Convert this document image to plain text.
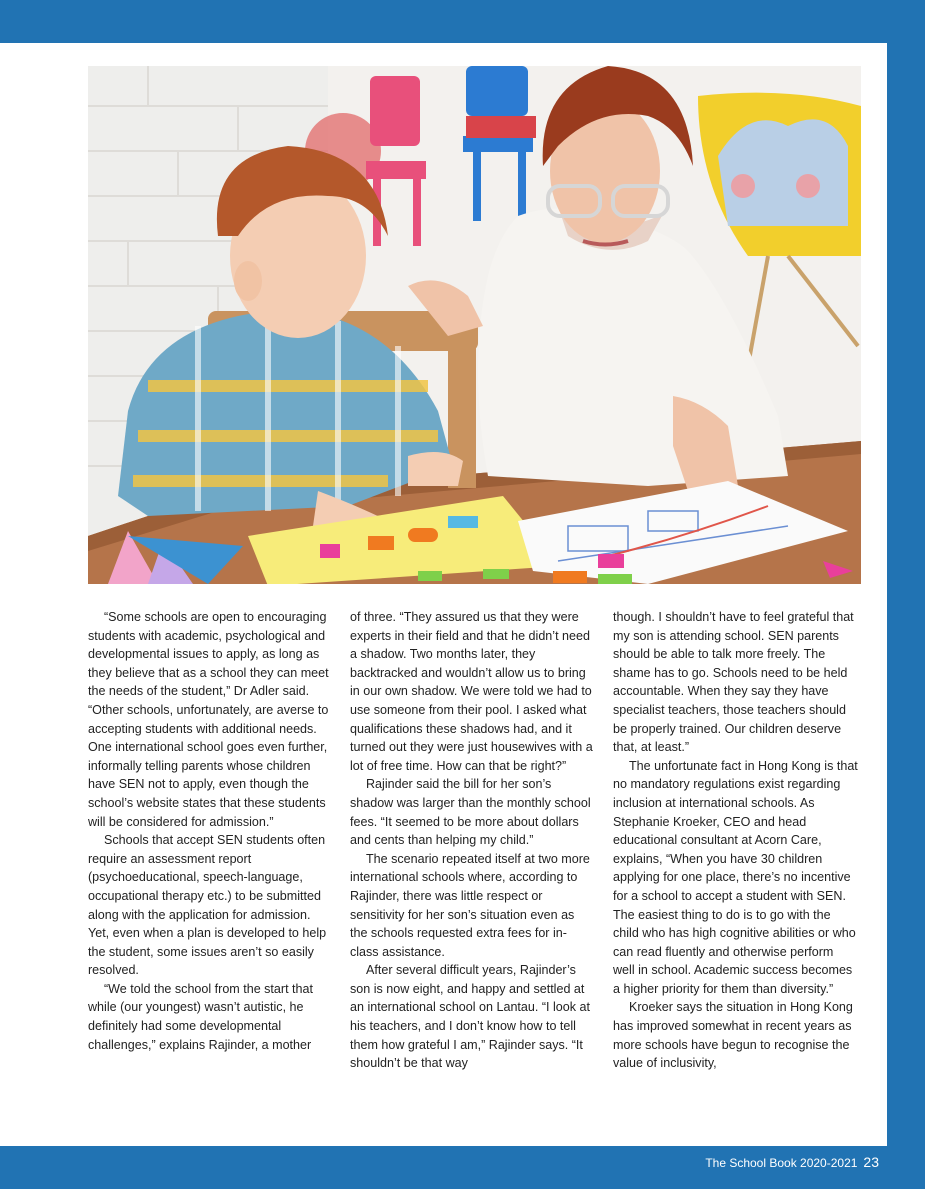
“Some schools are open to encouraging students with academic, psychological and developmental issues to apply, as long as they believe that as a school they can meet the needs of the student,” Dr Adler said. “Other schools, unfortunately, are averse to accepting students with additional needs. One international school goes even further, informally telling parents whose children have SEN not to apply, even though the school’s website states that these students will be considered for admission.”

Schools that accept SEN students often require an assessment report (psychoeducational, speech-language, occupational therapy etc.) to be submitted along with the application for admission. Yet, even when a plan is developed to help the student, some issues aren’t so easily resolved.

“We told the school from the start that while (our youngest) wasn’t autistic, he definitely had some developmental challenges,” explains Rajinder, a mother

of three. “They assured us that they were experts in their field and that he didn’t need a shadow. Two months later, they backtracked and wouldn’t allow us to bring in our own shadow. We were told we had to use someone from their pool. I asked what qualifications these shadows had, and it turned out they were just housewives with a lot of free time. How can that be right?”

Rajinder said the bill for her son’s shadow was larger than the monthly school fees. “It seemed to be more about dollars and cents than helping my child.”

The scenario repeated itself at two more international schools where, according to Rajinder, there was little respect or sensitivity for her son’s situation even as the schools requested extra fees for in-class assistance.

After several difficult years, Rajinder’s son is now eight, and happy and settled at an international school on Lantau. “I look at his teachers, and I don’t know how to tell them how grateful I am,” Rajinder says. “It shouldn’t be that way

though. I shouldn’t have to feel grateful that my son is attending school. SEN parents should be able to talk more freely. The shame has to go. Schools need to be held accountable. When they say they have specialist teachers, those teachers should be properly trained. Our children deserve that, at least.”

The unfortunate fact in Hong Kong is that no mandatory regulations exist regarding inclusion at international schools. As Stephanie Kroeker, CEO and head educational consultant at Acorn Care, explains, “When you have 30 children applying for one place, there’s no incentive for a school to accept a student with SEN. The easiest thing to do is to go with the child who has high cognitive abilities or who can read fluently and otherwise perform well in school. Academic success becomes a higher priority for them than diversity.”

Kroeker says the situation in Hong Kong has improved somewhat in recent years as more schools have begun to recognise the value of inclusivity,

The School Book 2020-2021 23
